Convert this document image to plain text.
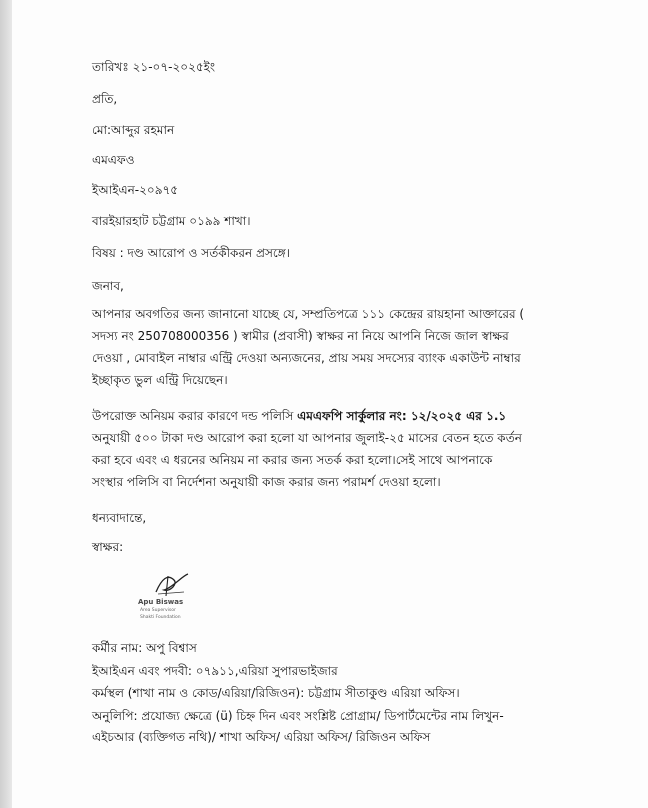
তারিখঃ ২১-০৭-২০২৫ইং
প্রতি,
মো:আব্দুর রহমান
এমএফও
ইআইএন-২০৯৭৫
বারইয়ারহাট চট্টগ্রাম ০১৯৯ শাখা।
বিষয় : দণ্ড আরোপ ও সর্তকীকরন প্রসঙ্গে।
জনাব,
আপনার অবগতির জন্য জানানো যাচ্ছে যে, সম্প্রতিপত্রে ১১১ কেন্দ্রের রায়হানা আক্তারের (
সদস্য নং 250708000356 ) স্বামীর (প্রবাসী) স্বাক্ষর না নিয়ে আপনি নিজে জাল স্বাক্ষর
দেওয়া , মোবাইল নাম্বার এন্ট্রি দেওয়া অন্যজনের, প্রায় সময় সদস্যের ব্যাংক একাউন্ট নাম্বার
ইচ্ছাকৃত ভুল এন্ট্রি দিয়েছেন।
উপরোক্ত অনিয়ম করার কারণে দন্ড পলিসি এমএফপি সার্কুলার নং: ১২/২০২৫ এর ১.১
অনুযায়ী ৫০০ টাকা দণ্ড আরোপ করা হলো যা আপনার জুলাই-২৫ মাসের বেতন হতে কর্তন
করা হবে এবং এ ধরনের অনিয়ম না করার জন্য সতর্ক করা হলো।সেই সাথে আপনাকে
সংস্থার পলিসি বা নির্দেশনা অনুযায়ী কাজ করার জন্য পরামর্শ দেওয়া হলো।
ধন্যবাদান্তে,
স্বাক্ষর:
Apu Biswas
Area Supervisor
Shakti Foundation
কর্মীর নাম: অপু বিশ্বাস
ইআইএন এবং পদবী: ০৭৯১১,এরিয়া সুপারভাইজার
কর্মস্থল (শাখা নাম ও কোড/এরিয়া/রিজিওন): চট্টগ্রাম সীতাকুণ্ড এরিয়া অফিস।
অনুলিপি: প্রযোজ্য ক্ষেত্রে (ü) চিহ্ন দিন এবং সংশ্লিষ্ট প্রোগ্রাম/ ডিপার্টমেন্টের নাম লিখুন-
এইচআর (ব্যক্তিগত নথি)/ শাখা অফিস/ এরিয়া অফিস/ রিজিওন অফিস
